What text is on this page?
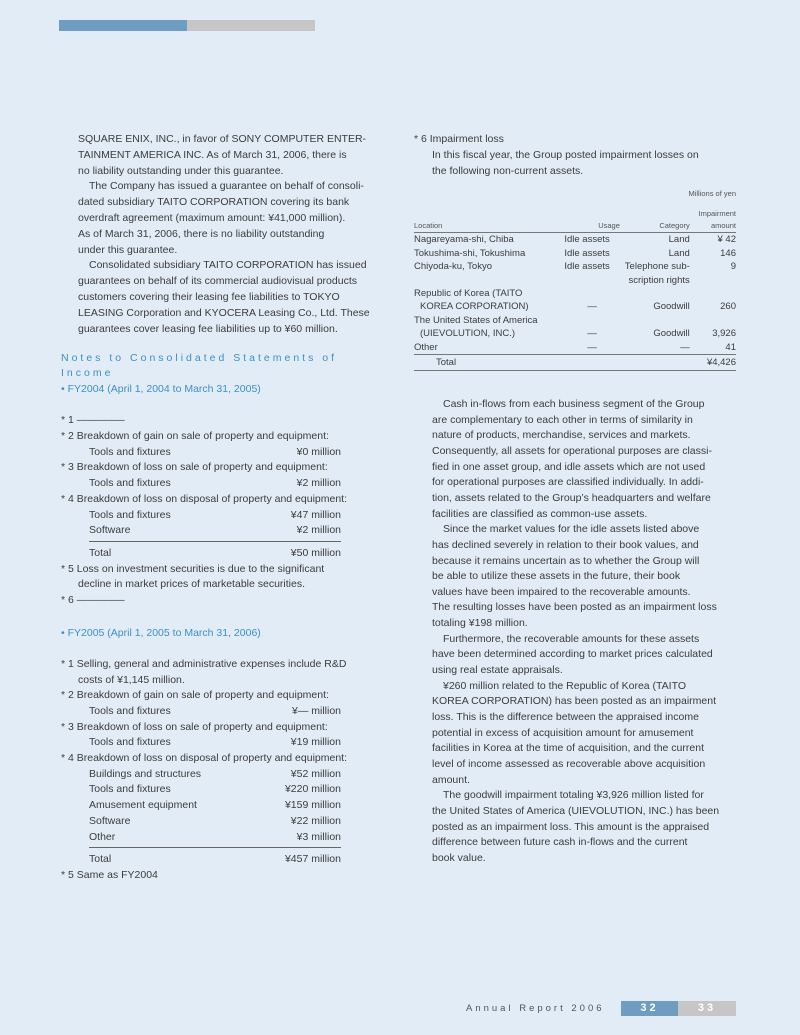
SQUARE ENIX, INC., in favor of SONY COMPUTER ENTER-
TAINMENT AMERICA INC. As of March 31, 2006, there is
no liability outstanding under this guarantee.
The Company has issued a guarantee on behalf of consoli-
dated subsidiary TAITO CORPORATION covering its bank
overdraft agreement (maximum amount: ¥41,000 million).
As of March 31, 2006, there is no liability outstanding
under this guarantee.
Consolidated subsidiary TAITO CORPORATION has issued
guarantees on behalf of its commercial audiovisual products
customers covering their leasing fee liabilities to TOKYO
LEASING Corporation and KYOCERA Leasing Co., Ltd. These
guarantees cover leasing fee liabilities up to ¥60 million.
Notes to Consolidated Statements of Income
• FY2004 (April 1, 2004 to March 31, 2005)
* 1 ———–—
* 2 Breakdown of gain on sale of property and equipment:
Tools and fixtures	¥0 million
* 3 Breakdown of loss on sale of property and equipment:
Tools and fixtures	¥2 million
* 4 Breakdown of loss on disposal of property and equipment:
Tools and fixtures	¥47 million
Software	¥2 million
Total	¥50 million
* 5 Loss on investment securities is due to the significant
decline in market prices of marketable securities.
* 6 ———–—
• FY2005 (April 1, 2005 to March 31, 2006)
* 1 Selling, general and administrative expenses include R&D
costs of ¥1,145 million.
* 2 Breakdown of gain on sale of property and equipment:
Tools and fixtures	¥— million
* 3 Breakdown of loss on sale of property and equipment:
Tools and fixtures	¥19 million
* 4 Breakdown of loss on disposal of property and equipment:
Buildings and structures	¥52 million
Tools and fixtures	¥220 million
Amusement equipment	¥159 million
Software	¥22 million
Other	¥3 million
Total	¥457 million
* 5 Same as FY2004
* 6 Impairment loss
In this fiscal year, the Group posted impairment losses on
the following non-current assets.
Millions of yen
Location	Usage	Category	Impairment
amount
Nagareyama-shi, Chiba	Idle assets	Land	¥ 42
Tokushima-shi, Tokushima	Idle assets	Land	146
Chiyoda-ku, Tokyo	Idle assets	Telephone sub-	9
		scription rights	
Republic of Korea (TAITO			
KOREA CORPORATION)	—	Goodwill	260
The United States of America			
(UIEVOLUTION, INC.)	—	Goodwill	3,926
Other	—	—	41
Total			¥4,426
Cash in-flows from each business segment of the Group
are complementary to each other in terms of similarity in
nature of products, merchandise, services and markets.
Consequently, all assets for operational purposes are classi-
fied in one asset group, and idle assets which are not used
for operational purposes are classified individually. In addi-
tion, assets related to the Group’s headquarters and welfare
facilities are classified as common-use assets.
Since the market values for the idle assets listed above
has declined severely in relation to their book values, and
because it remains uncertain as to whether the Group will
be able to utilize these assets in the future, their book
values have been impaired to the recoverable amounts.
The resulting losses have been posted as an impairment loss
totaling ¥198 million.
Furthermore, the recoverable amounts for these assets
have been determined according to market prices calculated
using real estate appraisals.
¥260 million related to the Republic of Korea (TAITO
KOREA CORPORATION) has been posted as an impairment
loss. This is the difference between the appraised income
potential in excess of acquisition amount for amusement
facilities in Korea at the time of acquisition, and the current
level of income assessed as recoverable above acquisition
amount.
The goodwill impairment totaling ¥3,926 million listed for
the United States of America (UIEVOLUTION, INC.) has been
posted as an impairment loss. This amount is the appraised
difference between future cash in-flows and the current
book value.
Annual Report 2006	32	33
